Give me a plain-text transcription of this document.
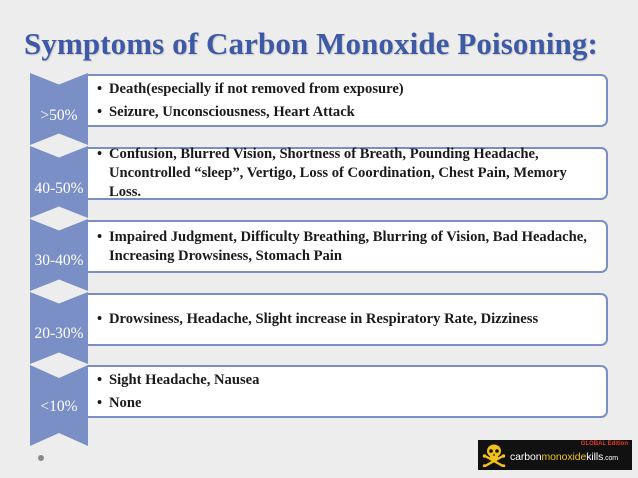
Symptoms of Carbon Monoxide Poisoning:
>50%
• Death(especially if not removed from exposure)
• Seizure, Unconsciousness, Heart Attack
40-50%
• Confusion, Blurred Vision, Shortness of Breath, Pounding Headache, Uncontrolled “sleep”, Vertigo, Loss of Coordination, Chest Pain, Memory Loss.
30-40%
• Impaired Judgment, Difficulty Breathing, Blurring of Vision, Bad Headache, Increasing Drowsiness, Stomach Pain
20-30%
• Drowsiness, Headache, Slight increase in Respiratory Rate, Dizziness
<10%
• Sight Headache, Nausea
• None
GLOBAL Edition
carbonmonoxidekills.com
